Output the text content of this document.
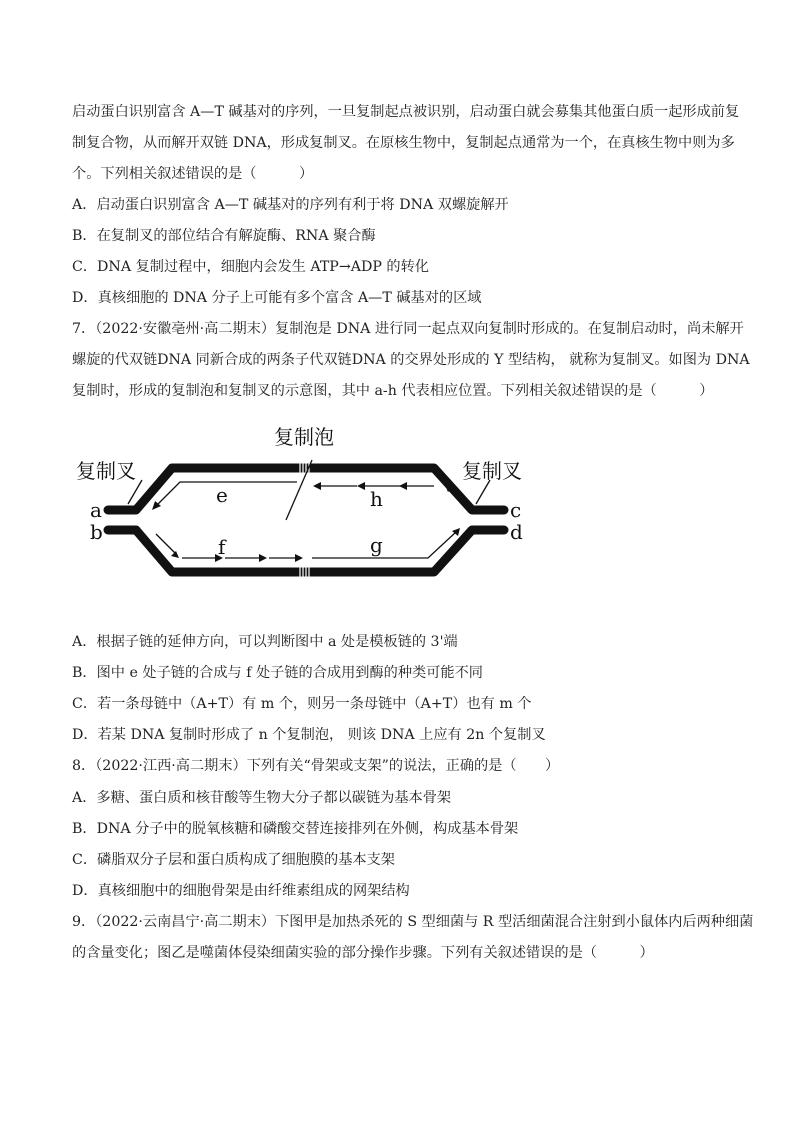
启动蛋白识别富含 A—T 碱基对的序列，一旦复制起点被识别，启动蛋白就会募集其他蛋白质一起形成前复
制复合物，从而解开双链 DNA，形成复制叉。在原核生物中，复制起点通常为一个，在真核生物中则为多
个。下列相关叙述错误的是（　　　）
A．启动蛋白识别富含 A—T 碱基对的序列有利于将 DNA 双螺旋解开
B．在复制叉的部位结合有解旋酶、RNA 聚合酶
C．DNA 复制过程中，细胞内会发生 ATP→ADP 的转化
D．真核细胞的 DNA 分子上可能有多个富含 A—T 碱基对的区域
7．（2022·安徽亳州·高二期末）复制泡是 DNA 进行同一起点双向复制时形成的。在复制启动时，尚未解开
螺旋的代双链DNA 同新合成的两条子代双链DNA 的交界处形成的 Y 型结构， 就称为复制叉。如图为 DNA
复制时，形成的复制泡和复制叉的示意图，其中 a-h 代表相应位置。下列相关叙述错误的是（　　　）
复制泡
复制叉	复制叉
a
b
c
d
e
f	g
h
A．根据子链的延伸方向，可以判断图中 a 处是模板链的 3'端
B．图中 e 处子链的合成与 f 处子链的合成用到酶的种类可能不同
C．若一条母链中（A+T）有 m 个，则另一条母链中（A+T）也有 m 个
D．若某 DNA 复制时形成了 n 个复制泡， 则该 DNA 上应有 2n 个复制叉
8．（2022·江西·高二期末）下列有关“骨架或支架”的说法，正确的是（　　）
A．多糖、蛋白质和核苷酸等生物大分子都以碳链为基本骨架
B．DNA 分子中的脱氧核糖和磷酸交替连接排列在外侧，构成基本骨架
C．磷脂双分子层和蛋白质构成了细胞膜的基本支架
D．真核细胞中的细胞骨架是由纤维素组成的网架结构
9．（2022·云南昌宁·高二期末）下图甲是加热杀死的 S 型细菌与 R 型活细菌混合注射到小鼠体内后两种细菌
的含量变化；图乙是噬菌体侵染细菌实验的部分操作步骤。下列有关叙述错误的是（　　　）
